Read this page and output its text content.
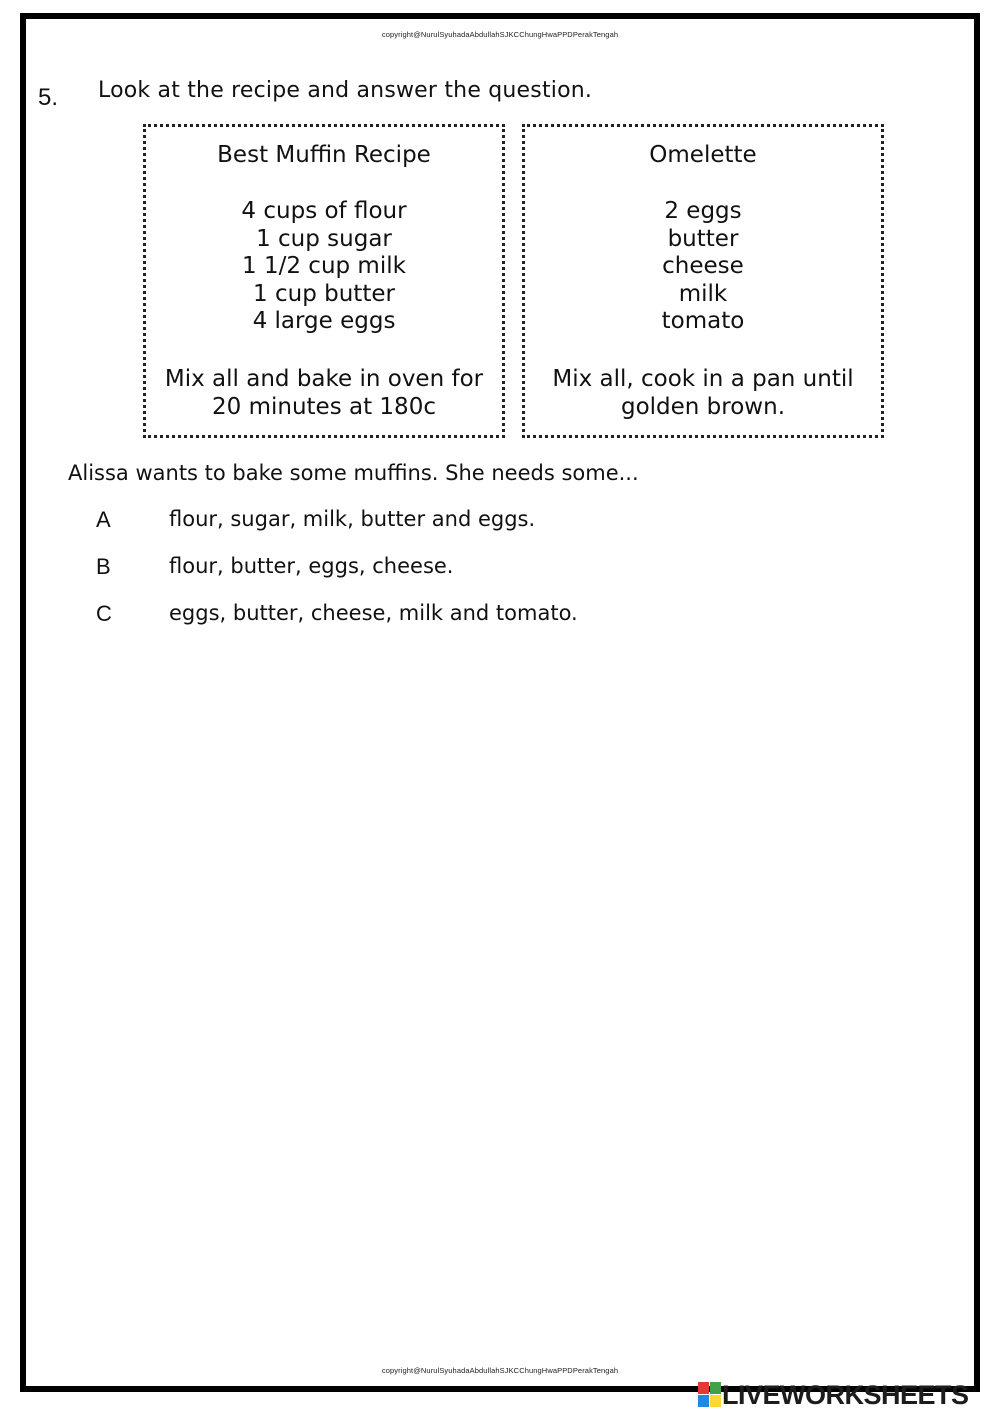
copyright@NurulSyuhadaAbdullahSJKCChungHwaPPDPerakTengah
5. Look at the recipe and answer the question.
Best Muffin Recipe
4 cups of flour
1 cup sugar
1 1/2 cup milk
1 cup butter
4 large eggs
Mix all and bake in oven for
20 minutes at 180c
Omelette
2 eggs
butter
cheese
milk
tomato
Mix all, cook in a pan until
golden brown.
Alissa wants to bake some muffins. She needs some...
A	flour, sugar, milk, butter and eggs.
B	flour, butter, eggs, cheese.
C	eggs, butter, cheese, milk and tomato.
copyright@NurulSyuhadaAbdullahSJKCChungHwaPPDPerakTengah
LIVEWORKSHEETS
